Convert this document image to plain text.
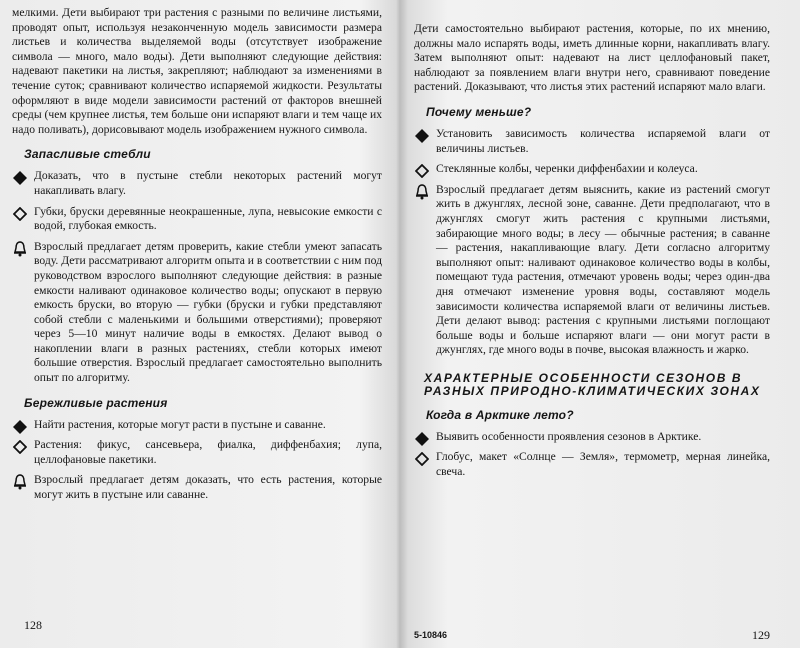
мелкими. Дети выбирают три растения с разными по величине листьями, проводят опыт, используя незаконченную модель зависимости размера листьев и количества выделяемой воды (отсутствует изображение символа — много, мало воды). Дети выполняют следующие действия: надевают пакетики на листья, закрепляют; наблюдают за изменениями в течение суток; сравнивают количество испаряемой жидкости. Результаты оформляют в виде модели зависимости растений от факторов внешней среды (чем крупнее листья, тем больше они испаряют влаги и тем чаще их надо поливать), дорисовывают модель изображением нужного символа.

Запасливые стебли

Доказать, что в пустыне стебли некоторых растений могут накапливать влагу.

Губки, бруски деревянные неокрашенные, лупа, невысокие емкости с водой, глубокая емкость.

Взрослый предлагает детям проверить, какие стебли умеют запасать воду. Дети рассматривают алгоритм опыта и в соответствии с ним под руководством взрослого выполняют следующие действия: в разные емкости наливают одинаковое количество воды; опускают в первую емкость бруски, во вторую — губки (бруски и губки представляют собой стебли с маленькими и большими отверстиями); проверяют через 5—10 минут наличие воды в емкостях. Делают вывод о накоплении влаги в разных растениях, стебли которых имеют большие отверстия. Взрослый предлагает самостоятельно выполнить опыт по алгоритму.

Бережливые растения

Найти растения, которые могут расти в пустыне и саванне.

Растения: фикус, сансевьера, фиалка, диффенбахия; лупа, целлофановые пакетики.

Взрослый предлагает детям доказать, что есть растения, которые могут жить в пустыне или саванне.

128

Дети самостоятельно выбирают растения, которые, по их мнению, должны мало испарять воды, иметь длинные корни, накапливать влагу. Затем выполняют опыт: надевают на лист целлофановый пакет, наблюдают за появлением влаги внутри него, сравнивают поведение растений. Доказывают, что листья этих растений испаряют мало влаги.

Почему меньше?

Установить зависимость количества испаряемой влаги от величины листьев.

Стеклянные колбы, черенки диффенбахии и колеуса.

Взрослый предлагает детям выяснить, какие из растений смогут жить в джунглях, лесной зоне, саванне. Дети предполагают, что в джунглях смогут жить растения с крупными листьями, забирающие много воды; в лесу — обычные растения; в саванне — растения, накапливающие влагу. Дети согласно алгоритму выполняют опыт: наливают одинаковое количество воды в колбы, помещают туда растения, отмечают уровень воды; через один-два дня отмечают изменение уровня воды, составляют модель зависимости количества испаряемой влаги от величины листьев. Дети делают вывод: растения с крупными листьями поглощают больше воды и больше испаряют влаги — они могут расти в джунглях, где много воды в почве, высокая влажность и жарко.

ХАРАКТЕРНЫЕ ОСОБЕННОСТИ СЕЗОНОВ В РАЗНЫХ ПРИРОДНО-КЛИМАТИЧЕСКИХ ЗОНАХ
Когда в Арктике лето?

Выявить особенности проявления сезонов в Арктике.

Глобус, макет «Солнце — Земля», термометр, мерная линейка, свеча.

5-10846	129
